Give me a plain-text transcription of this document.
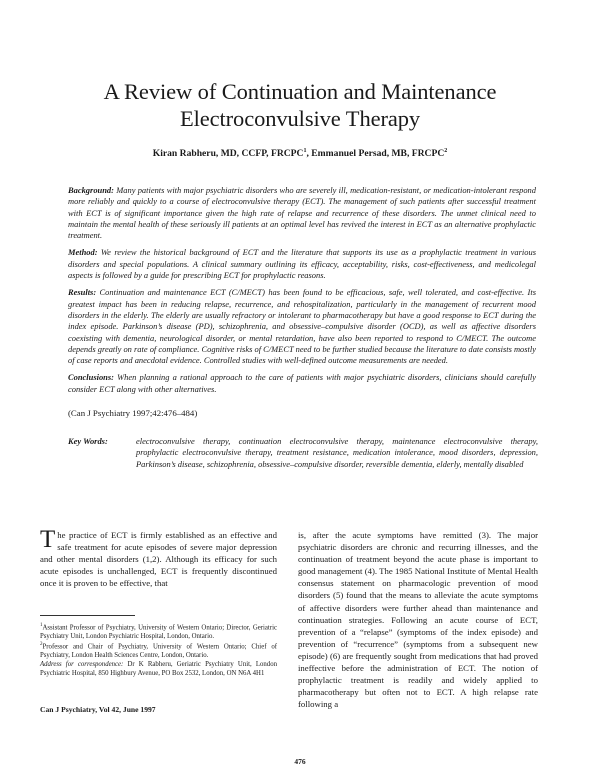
A Review of Continuation and Maintenance
Electroconvulsive Therapy
Kiran Rabheru, MD, CCFP, FRCPC$^1$, Emmanuel Persad, MB, FRCPC$^2$

Background: Many patients with major psychiatric disorders who are severely ill, medication-resistant, or medication-intolerant respond more reliably and quickly to a course of electroconvulsive therapy (ECT). The management of such patients after successful treatment with ECT is of significant importance given the high rate of relapse and recurrence of these disorders. The unmet clinical need to maintain the mental health of these seriously ill patients at an optimal level has revived the interest in ECT as an alternative prophylactic treatment.

Method: We review the historical background of ECT and the literature that supports its use as a prophylactic treatment in various disorders and special populations. A clinical summary outlining its efficacy, acceptability, risks, cost-effectiveness, and medicolegal aspects is followed by a guide for prescribing ECT for prophylactic reasons.

Results: Continuation and maintenance ECT (C/MECT) has been found to be efficacious, safe, well tolerated, and cost-effective. Its greatest impact has been in reducing relapse, recurrence, and rehospitalization, particularly in the management of recurrent mood disorders in the elderly. The elderly are usually refractory or intolerant to pharmacotherapy but have a good response to ECT during the index episode. Parkinson’s disease (PD), schizophrenia, and obsessive–compulsive disorder (OCD), as well as affective disorders coexisting with dementia, neurological disorder, or mental retardation, have also been reported to respond to C/MECT. The outcome depends greatly on rate of compliance. Cognitive risks of C/MECT need to be further studied because the literature to date consists mostly of case reports and anecdotal evidence. Controlled studies with well-defined outcome measurements are needed.

Conclusions: When planning a rational approach to the care of patients with major psychiatric disorders, clinicians should carefully consider ECT along with other alternatives.

(Can J Psychiatry 1997;42:476–484)
Key Words:	electroconvulsive therapy, continuation electroconvulsive therapy, maintenance electroconvulsive therapy, prophylactic electroconvulsive therapy, treatment resistance, medication intolerance, mood disorders, depression, Parkinson’s disease, schizophrenia, obsessive–compulsive disorder, reversible dementia, elderly, mentally disabled
The practice of ECT is firmly established as an effective and safe treatment for acute episodes of severe major depression and other mental disorders (1,2). Although its efficacy for such acute episodes is unchallenged, ECT is frequently discontinued once it is proven to be effective, that
is, after the acute symptoms have remitted (3). The major psychiatric disorders are chronic and recurring illnesses, and the continuation of treatment beyond the acute phase is important to good management (4). The 1985 National Institute of Mental Health consensus statement on pharmacologic prevention of mood disorders (5) found that the means to alleviate the acute symptoms of affective disorders were further ahead than maintenance and continuation strategies. Following an acute course of ECT, prevention of a “relapse” (symptoms of the index episode) and prevention of “recurrence” (symptoms from a subsequent new episode) (6) are frequently sought from medications that had proved ineffective before the administration of ECT. The notion of prophylactic treatment is readily and widely applied to pharmacotherapy but often not to ECT. A high relapse rate following a

$^1$Assistant Professor of Psychiatry, University of Western Ontario; Director, Geriatric Psychiatry Unit, London Psychiatric Hospital, London, Ontario.

$^2$Professor and Chair of Psychiatry, University of Western Ontario; Chief of Psychiatry, London Health Sciences Centre, London, Ontario.

Address for correspondence: Dr K Rabheru, Geriatric Psychiatry Unit, London Psychiatric Hospital, 850 Highbury Avenue, PO Box 2532, London, ON N6A 4H1

Can J Psychiatry, Vol 42, June 1997
476
